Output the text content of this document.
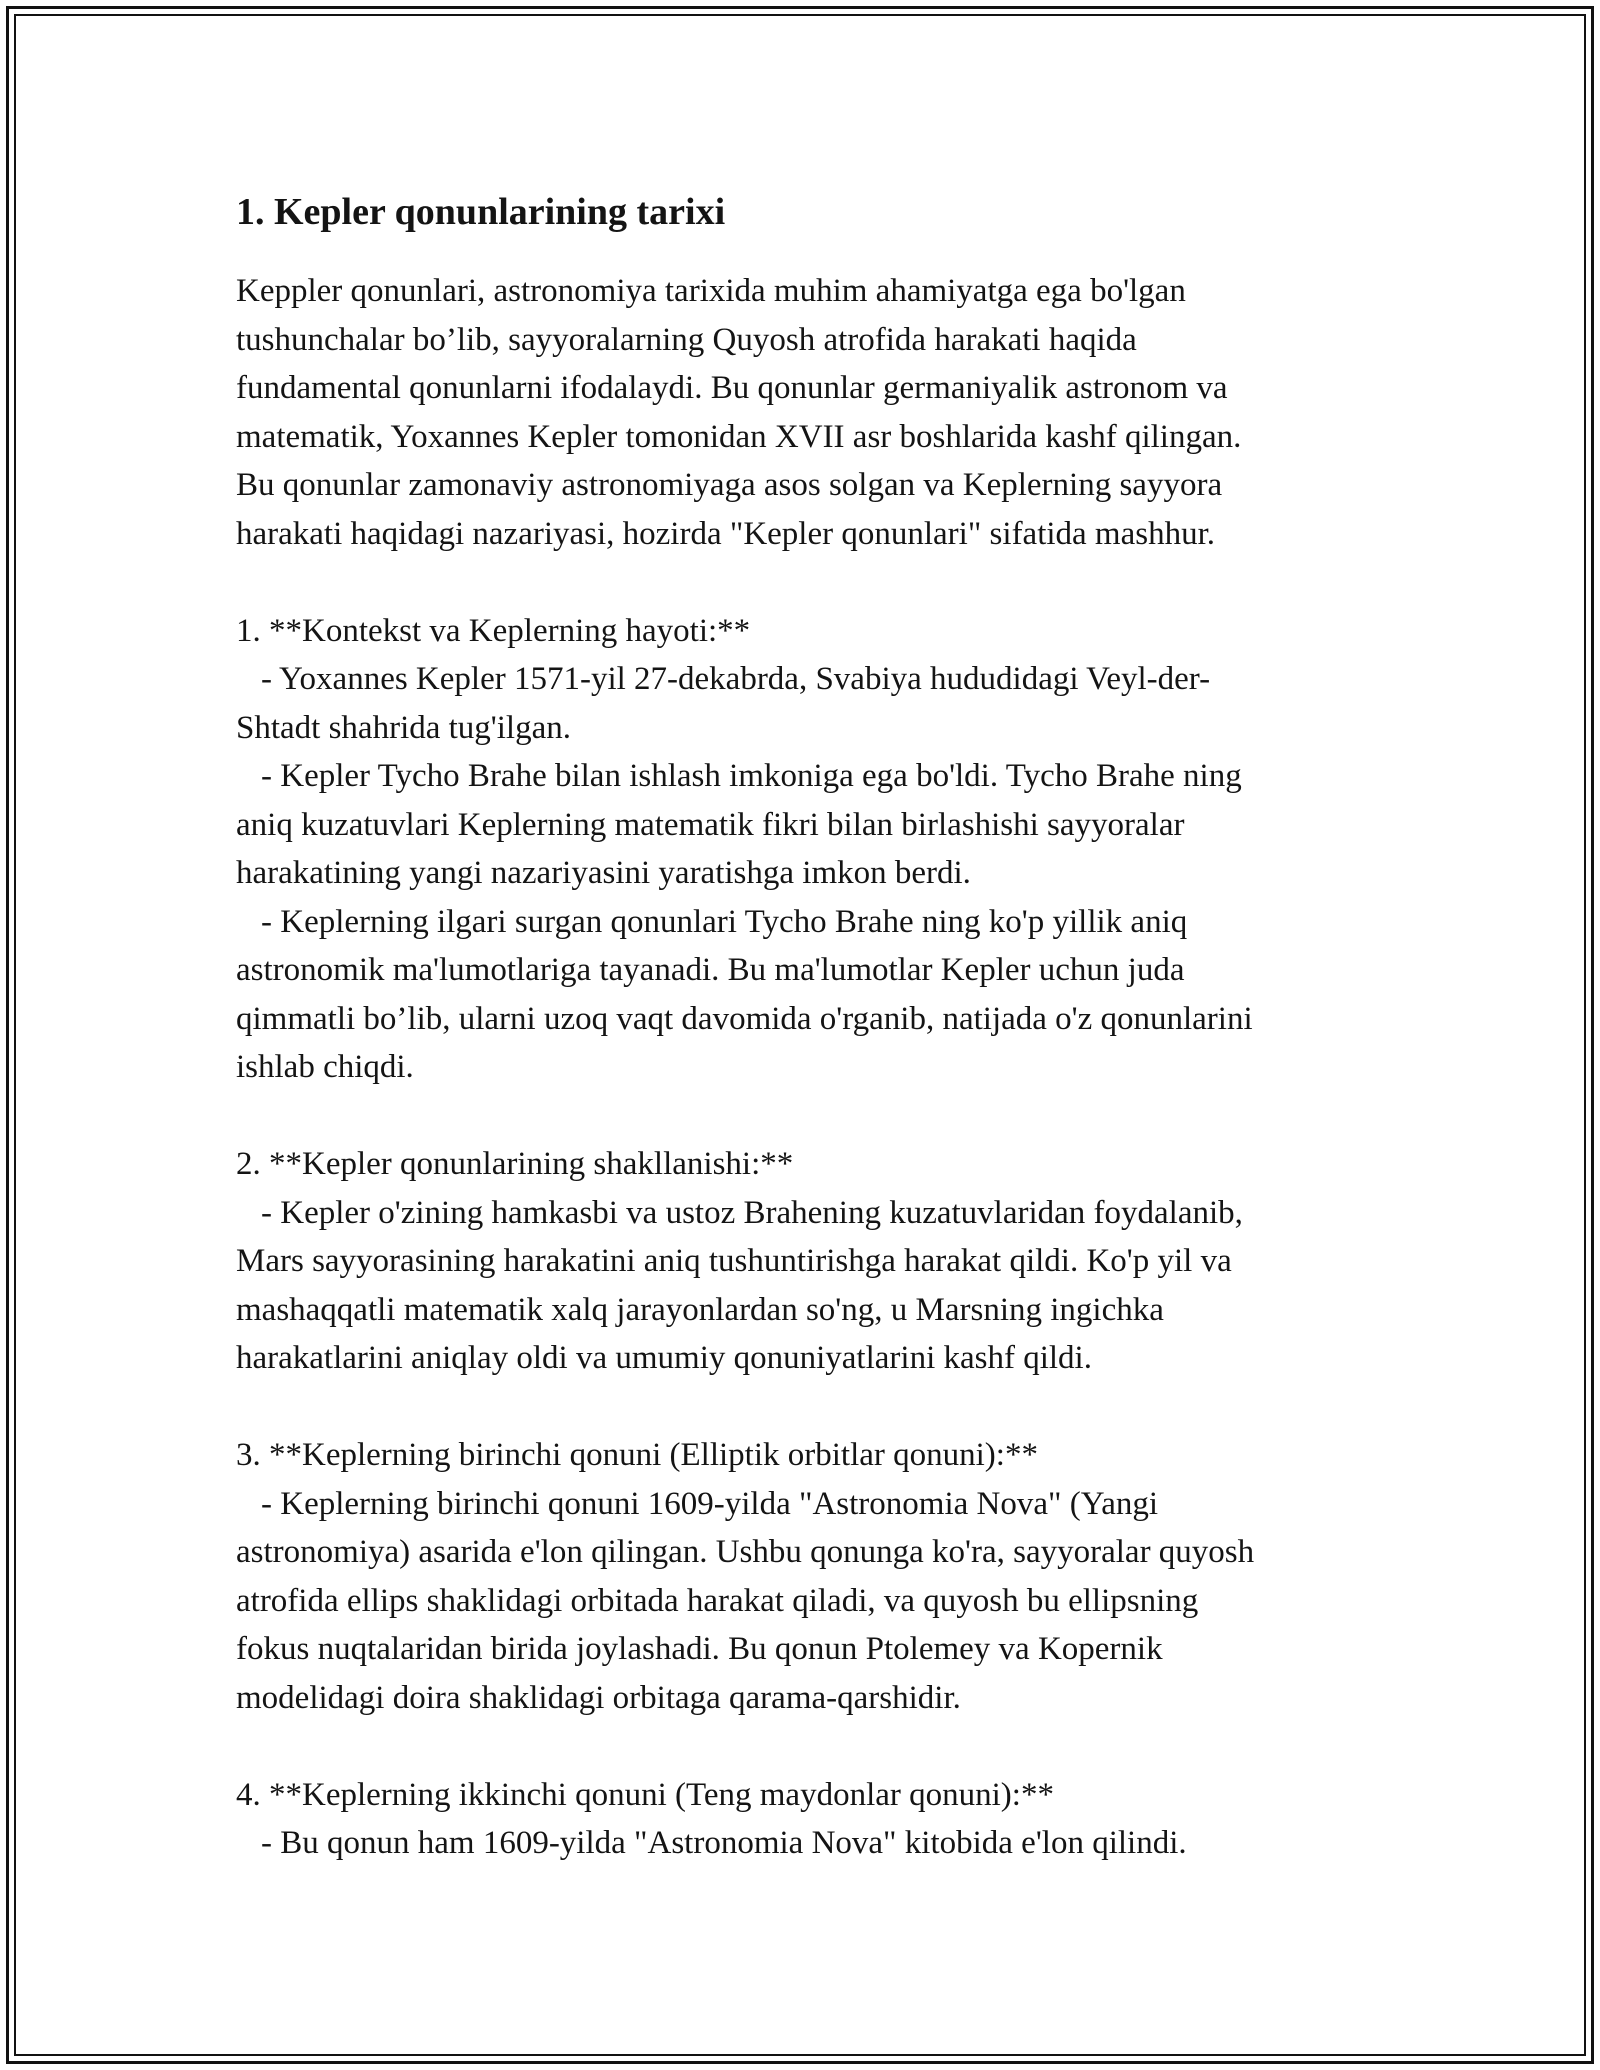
1. Kepler qonunlarining tarixi
Keppler qonunlari, astronomiya tarixida muhim ahamiyatga ega bo'lgan
tushunchalar bo’lib, sayyoralarning Quyosh atrofida harakati haqida
fundamental qonunlarni ifodalaydi. Bu qonunlar germaniyalik astronom va
matematik, Yoxannes Kepler tomonidan XVII asr boshlarida kashf qilingan.
Bu qonunlar zamonaviy astronomiyaga asos solgan va Keplerning sayyora
harakati haqidagi nazariyasi, hozirda "Kepler qonunlari" sifatida mashhur.
1. **Kontekst va Keplerning hayoti:**
- Yoxannes Kepler 1571-yil 27-dekabrda, Svabiya hududidagi Veyl-der-
Shtadt shahrida tug'ilgan.
- Kepler Tycho Brahe bilan ishlash imkoniga ega bo'ldi. Tycho Brahe ning
aniq kuzatuvlari Keplerning matematik fikri bilan birlashishi sayyoralar
harakatining yangi nazariyasini yaratishga imkon berdi.
- Keplerning ilgari surgan qonunlari Tycho Brahe ning ko'p yillik aniq
astronomik ma'lumotlariga tayanadi. Bu ma'lumotlar Kepler uchun juda
qimmatli bo’lib, ularni uzoq vaqt davomida o'rganib, natijada o'z qonunlarini
ishlab chiqdi.
2. **Kepler qonunlarining shakllanishi:**
- Kepler o'zining hamkasbi va ustoz Brahening kuzatuvlaridan foydalanib,
Mars sayyorasining harakatini aniq tushuntirishga harakat qildi. Ko'p yil va
mashaqqatli matematik xalq jarayonlardan so'ng, u Marsning ingichka
harakatlarini aniqlay oldi va umumiy qonuniyatlarini kashf qildi.
3. **Keplerning birinchi qonuni (Elliptik orbitlar qonuni):**
- Keplerning birinchi qonuni 1609-yilda "Astronomia Nova" (Yangi
astronomiya) asarida e'lon qilingan. Ushbu qonunga ko'ra, sayyoralar quyosh
atrofida ellips shaklidagi orbitada harakat qiladi, va quyosh bu ellipsning
fokus nuqtalaridan birida joylashadi. Bu qonun Ptolemey va Kopernik
modelidagi doira shaklidagi orbitaga qarama-qarshidir.
4. **Keplerning ikkinchi qonuni (Teng maydonlar qonuni):**
- Bu qonun ham 1609-yilda "Astronomia Nova" kitobida e'lon qilindi.
